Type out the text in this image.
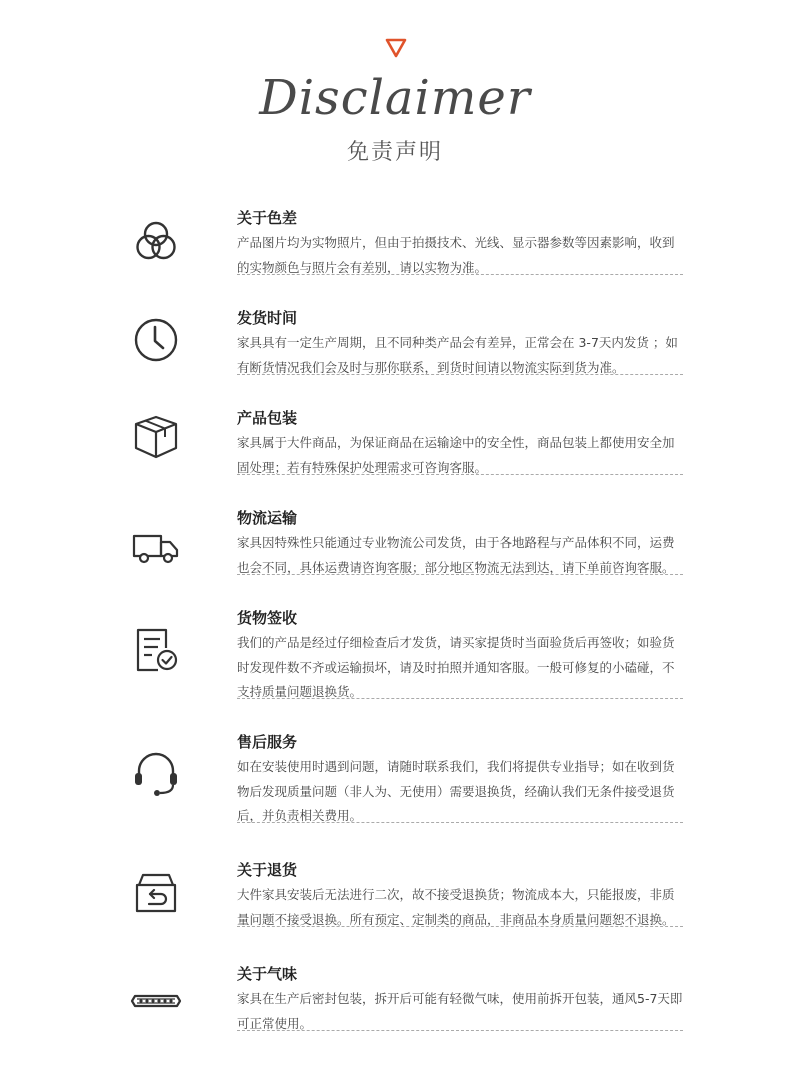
Disclaimer
免责声明
关于色差
产品图片均为实物照片，但由于拍摄技术、光线、显示器参数等因素影响，收到的实物颜色与照片会有差别，请以实物为准。
发货时间
家具具有一定生产周期，且不同种类产品会有差异，正常会在 3-7天内发货 ；如有断货情况我们会及时与那你联系，到货时间请以物流实际到货为准。
产品包装
家具属于大件商品，为保证商品在运输途中的安全性，商品包装上都使用安全加固处理；若有特殊保护处理需求可咨询客服。
物流运输
家具因特殊性只能通过专业物流公司发货，由于各地路程与产品体积不同，运费也会不同，具体运费请咨询客服；部分地区物流无法到达，请下单前咨询客服。
货物签收
我们的产品是经过仔细检查后才发货，请买家提货时当面验货后再签收；如验货时发现件数不齐或运输损坏，请及时拍照并通知客服。一般可修复的小磕碰，不支持质量问题退换货。
售后服务
如在安装使用时遇到问题，请随时联系我们，我们将提供专业指导；如在收到货物后发现质量问题（非人为、无使用）需要退换货，经确认我们无条件接受退货后，并负责相关费用。
关于退货
大件家具安装后无法进行二次，故不接受退换货；物流成本大，只能报废，非质量问题不接受退换。所有预定、定制类的商品，非商品本身质量问题恕不退换。
关于气味
家具在生产后密封包装，拆开后可能有轻微气味，使用前拆开包装，通风5-7天即可正常使用。
